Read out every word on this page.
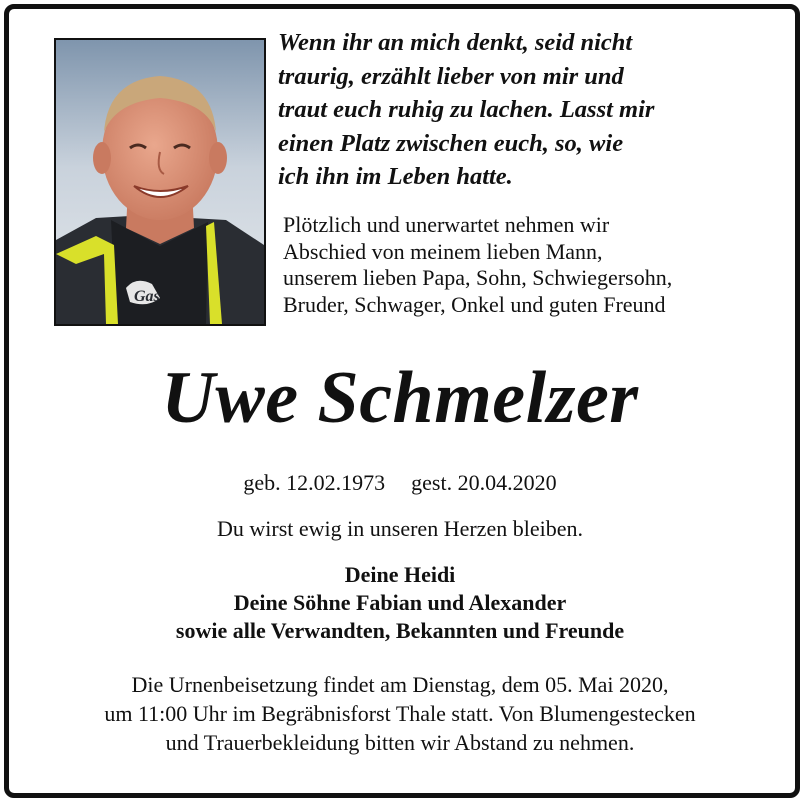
Gas
Wenn ihr an mich denkt, seid nicht
traurig, erzählt lieber von mir und
traut euch ruhig zu lachen. Lasst mir
einen Platz zwischen euch, so, wie
ich ihn im Leben hatte.
Plötzlich und unerwartet nehmen wir
Abschied von meinem lieben Mann,
unserem lieben Papa, Sohn, Schwiegersohn,
Bruder, Schwager, Onkel und guten Freund
Uwe Schmelzer
geb. 12.02.1973 gest. 20.04.2020
Du wirst ewig in unseren Herzen bleiben.
Deine Heidi
Deine Söhne Fabian und Alexander
sowie alle Verwandten, Bekannten und Freunde
Die Urnenbeisetzung findet am Dienstag, dem 05. Mai 2020,
um 11:00 Uhr im Begräbnisforst Thale statt. Von Blumengestecken
und Trauerbekleidung bitten wir Abstand zu nehmen.
